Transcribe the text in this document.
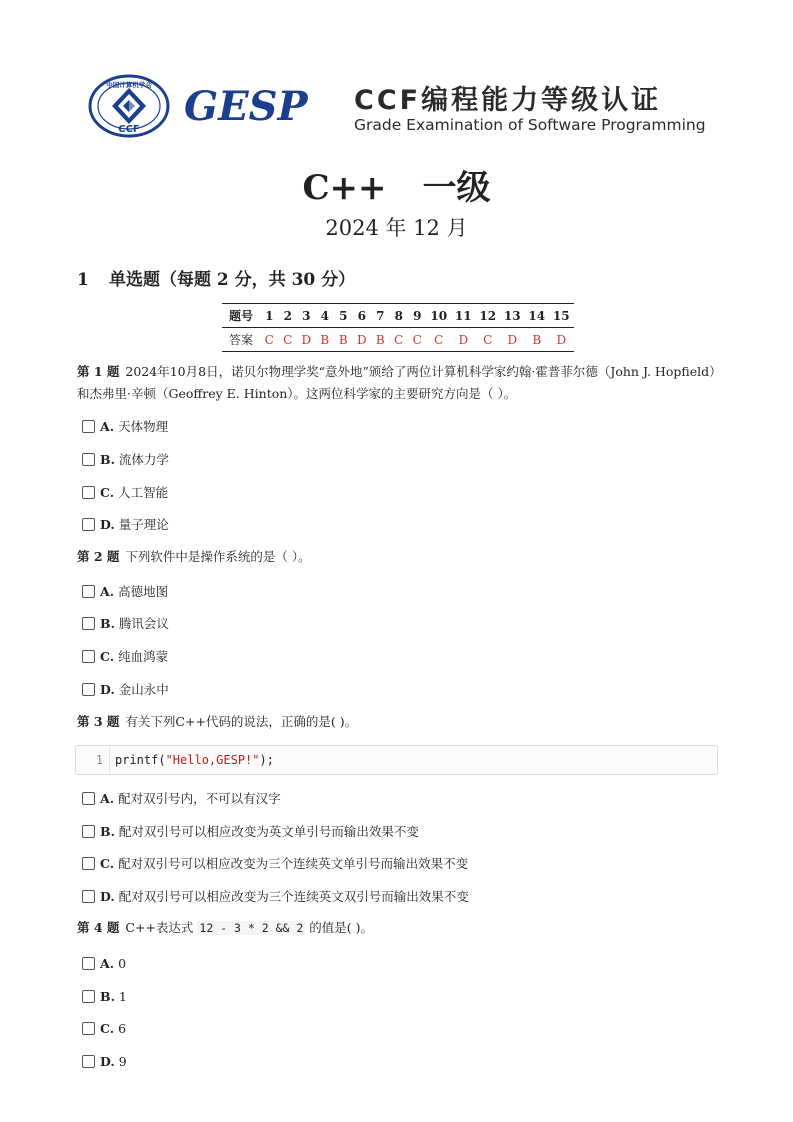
中国计算机学会
CCF GESP CCF编程能力等级认证
Grade Examination of Software Programming
C++ 一级
2024 年 12 月
1 单选题（每题 2 分，共 30 分）
题号	1	2	3	4	5	6	7	8	9	10	11	12	13	14	15
答案	C	C	D	B	B	D	B	C	C	C	D	C	D	B	D
第 1 题 2024年10月8日，诺贝尔物理学奖“意外地”颁给了两位计算机科学家约翰·霍普菲尔德（John J. Hopfield）和杰弗里·辛顿（Geoffrey E. Hinton）。这两位科学家的主要研究方向是（ ）。
A. 天体物理
B. 流体力学
C. 人工智能
D. 量子理论
第 2 题 下列软件中是操作系统的是（ ）。
A. 高德地图
B. 腾讯会议
C. 纯血鸿蒙
D. 金山永中
第 3 题 有关下列C++代码的说法，正确的是( )。
1	printf("Hello,GESP!");
A. 配对双引号内，不可以有汉字
B. 配对双引号可以相应改变为英文单引号而输出效果不变
C. 配对双引号可以相应改变为三个连续英文单引号而输出效果不变
D. 配对双引号可以相应改变为三个连续英文双引号而输出效果不变
第 4 题 C++表达式 12 - 3 * 2 && 2 的值是( )。
A. 0
B. 1
C. 6
D. 9
